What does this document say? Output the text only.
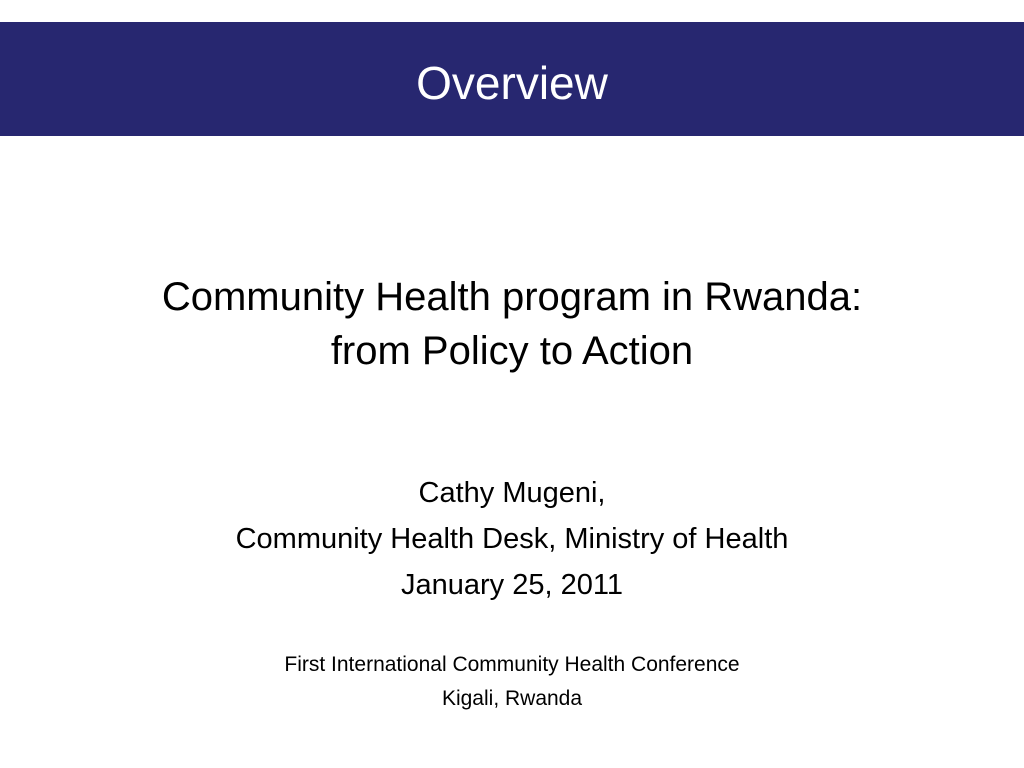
Overview
Community Health program in Rwanda:
from Policy to Action
Cathy Mugeni,
Community Health Desk, Ministry of Health
January 25, 2011
First International Community Health Conference
Kigali, Rwanda
